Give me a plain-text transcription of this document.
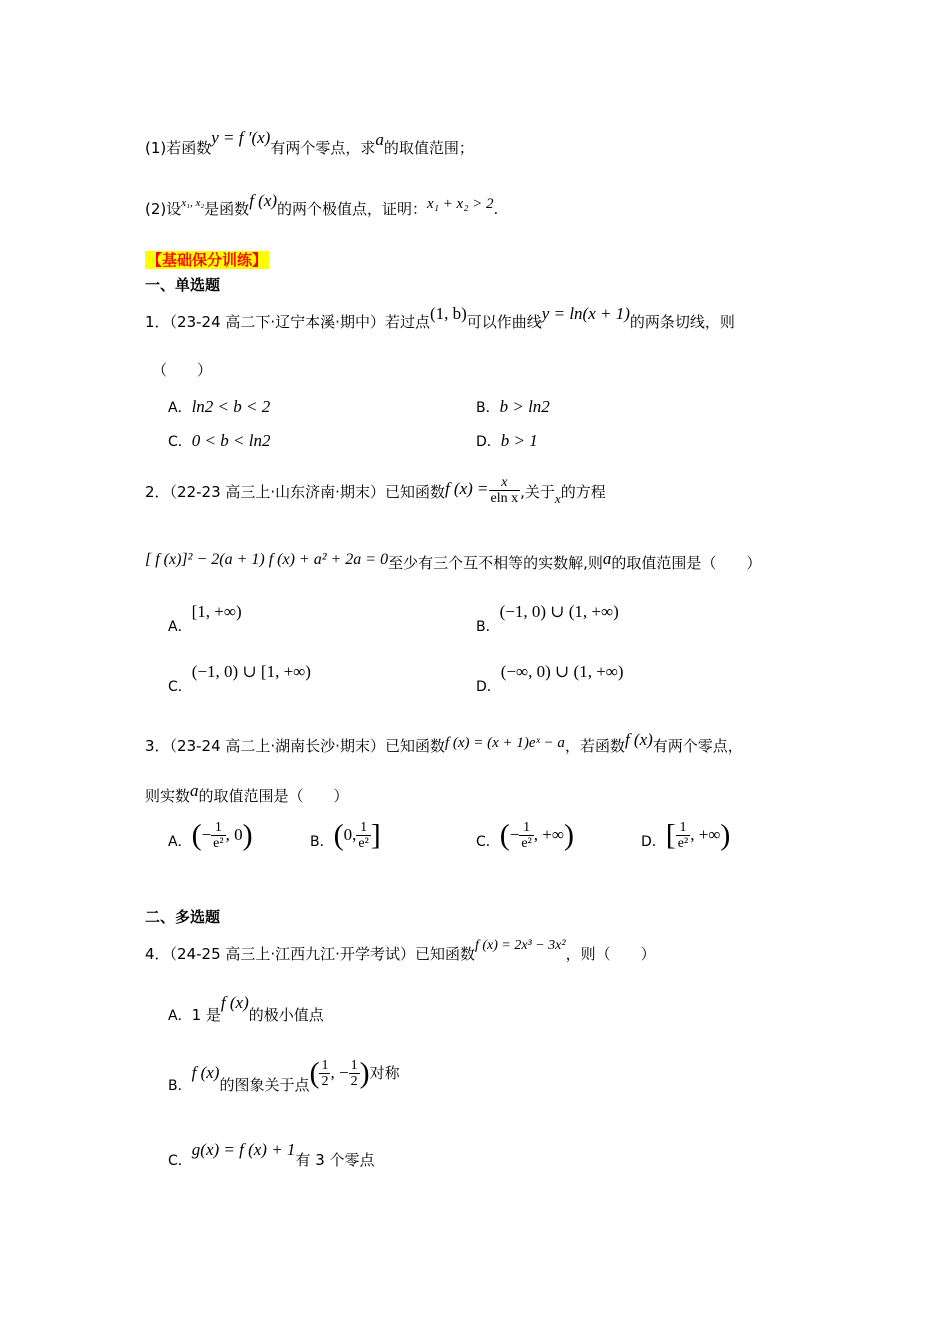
(1)若函数y = f ′(x)有两个零点，求a的取值范围；
(2)设$^{x_1, x_2}$是函数f (x)的两个极值点，证明：x₁ + x₂ > 2.
【基础保分训练】
一、单选题
1．（23-24 高二下·辽宁本溪·期中）若过点(1, b)可以作曲线y = ln(x + 1)的两条切线，则
（　　）
A．ln2 < b < 2	B．b > ln2
C．0 < b < ln2	D．b > 1
2．（22-23 高三上·山东济南·期末）已知函数f $(x) = \frac{x}{\text{eln x}}$ ,关于x的方程
[ f (x)]² − 2(a + 1) f (x) + a² + 2a = 0至少有三个互不相等的实数解,则a的取值范围是（　　）
A．[1, +∞)
B．(−1, 0) ∪ (1, +∞)
C．(−1, 0) ∪ [1, +∞)
D．(−∞, 0) ∪ (1, +∞)
3．（23-24 高二上·湖南长沙·期末）已知函数f (x) = (x + 1)eˣ − a，若函数f (x)有两个零点，
则实数a的取值范围是（　　）
A．(− $\frac{1}{\text{e²}}$ , 0)	B．(0, $\frac{1}{\text{e²}}$ ]	C．(− $\frac{1}{\text{e²}}$ , +∞)	D．[ $\frac{1}{\text{e²}}$ , +∞)
二、多选题
4．（24-25 高三上·江西九江·开学考试）已知函数f (x) = 2x³ − 3x²，则（　　）
A．1 是f (x)的极小值点
B．f (x)的图象关于点( $\frac{1}{2}$ , − $\frac{1}{2}$ )对称
C．g(x) = f (x) + 1有 3 个零点
